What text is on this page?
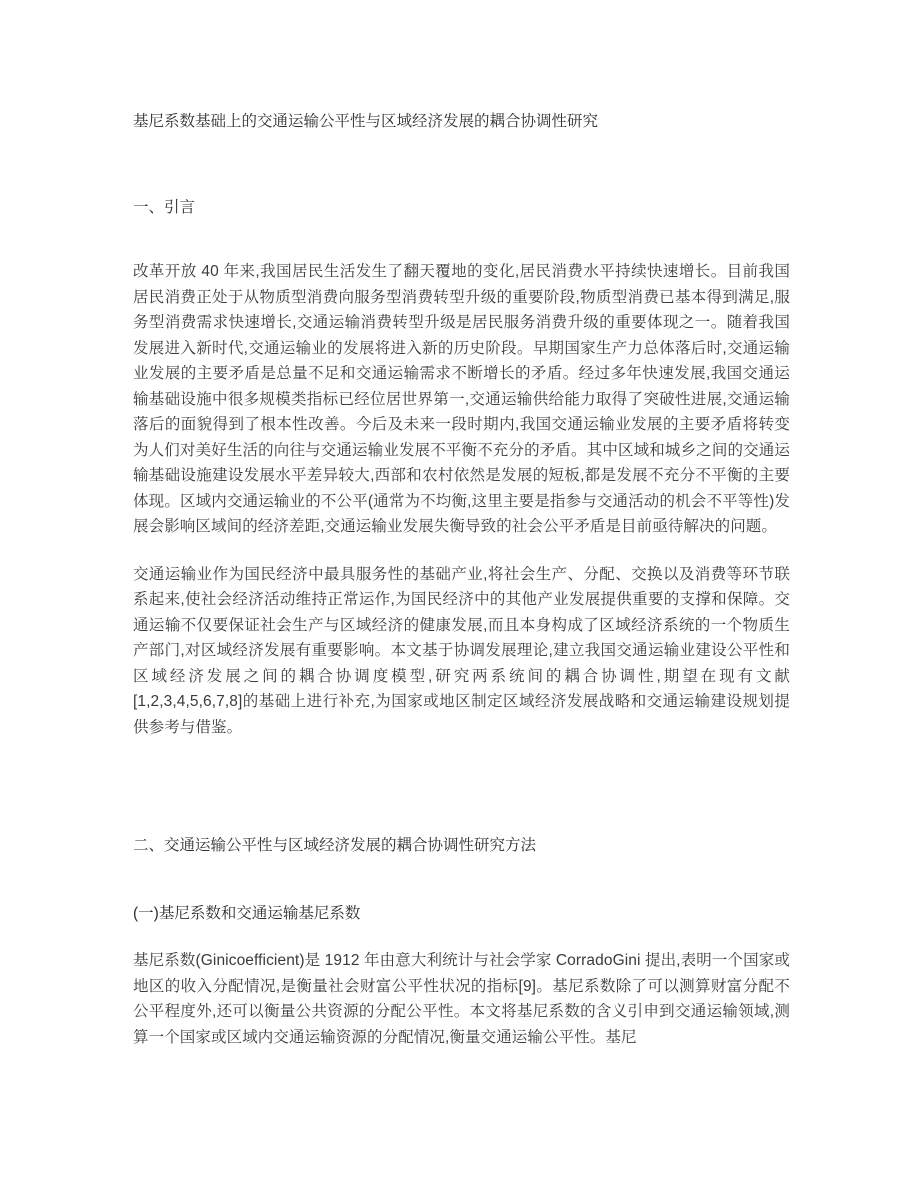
基尼系数基础上的交通运输公平性与区域经济发展的耦合协调性研究
一、引言

改革开放 40 年来,我国居民生活发生了翻天覆地的变化,居民消费水平持续快速增长。目前我国居民消费正处于从物质型消费向服务型消费转型升级的重要阶段,物质型消费已基本得到满足,服务型消费需求快速增长,交通运输消费转型升级是居民服务消费升级的重要体现之一。随着我国发展进入新时代,交通运输业的发展将进入新的历史阶段。早期国家生产力总体落后时,交通运输业发展的主要矛盾是总量不足和交通运输需求不断增长的矛盾。经过多年快速发展,我国交通运输基础设施中很多规模类指标已经位居世界第一,交通运输供给能力取得了突破性进展,交通运输落后的面貌得到了根本性改善。今后及未来一段时期内,我国交通运输业发展的主要矛盾将转变为人们对美好生活的向往与交通运输业发展不平衡不充分的矛盾。其中区域和城乡之间的交通运输基础设施建设发展水平差异较大,西部和农村依然是发展的短板,都是发展不充分不平衡的主要体现。区域内交通运输业的不公平(通常为不均衡,这里主要是指参与交通活动的机会不平等性)发展会影响区域间的经济差距,交通运输业发展失衡导致的社会公平矛盾是目前亟待解决的问题。

交通运输业作为国民经济中最具服务性的基础产业,将社会生产、分配、交换以及消费等环节联系起来,使社会经济活动维持正常运作,为国民经济中的其他产业发展提供重要的支撑和保障。交通运输不仅要保证社会生产与区域经济的健康发展,而且本身构成了区域经济系统的一个物质生产部门,对区域经济发展有重要影响。本文基于协调发展理论,建立我国交通运输业建设公平性和区域经济发展之间的耦合协调度模型,研究两系统间的耦合协调性,期望在现有文献[1,2,3,4,5,6,7,8]的基础上进行补充,为国家或地区制定区域经济发展战略和交通运输建设规划提供参考与借鉴。

二、交通运输公平性与区域经济发展的耦合协调性研究方法
(一)基尼系数和交通运输基尼系数

基尼系数(Ginicoefficient)是 1912 年由意大利统计与社会学家 CorradoGini 提出,表明一个国家或地区的收入分配情况,是衡量社会财富公平性状况的指标[9]。基尼系数除了可以测算财富分配不公平程度外,还可以衡量公共资源的分配公平性。本文将基尼系数的含义引申到交通运输领域,测算一个国家或区域内交通运输资源的分配情况,衡量交通运输公平性。基尼
